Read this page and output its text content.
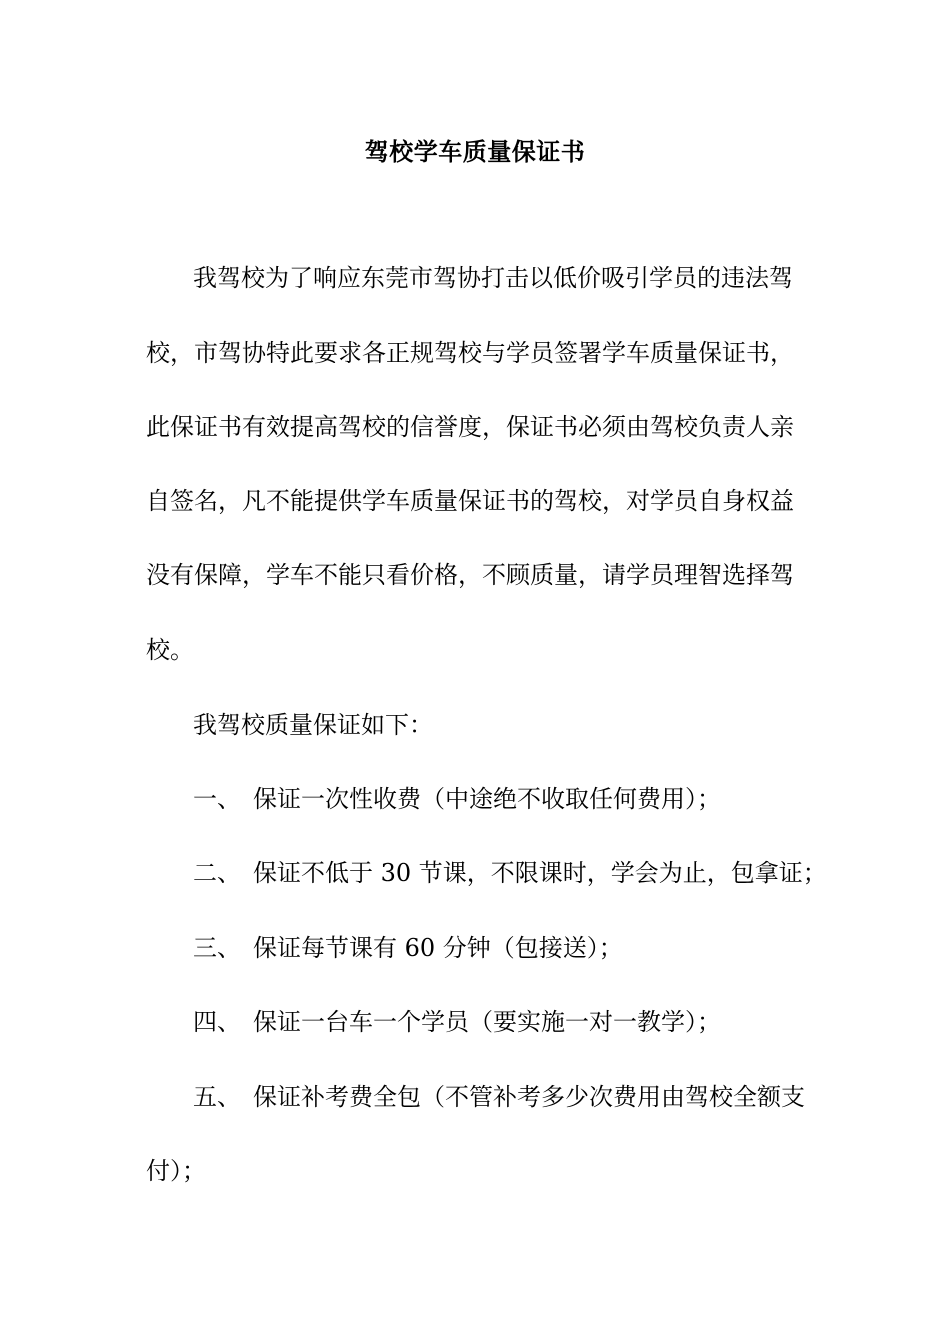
驾校学车质量保证书
我驾校为了响应东莞市驾协打击以低价吸引学员的违法驾
校，市驾协特此要求各正规驾校与学员签署学车质量保证书，
此保证书有效提高驾校的信誉度，保证书必须由驾校负责人亲
自签名，凡不能提供学车质量保证书的驾校，对学员自身权益
没有保障，学车不能只看价格，不顾质量，请学员理智选择驾
校。
我驾校质量保证如下：
一、 保证一次性收费（中途绝不收取任何费用）；
二、 保证不低于 30 节课，不限课时，学会为止，包拿证；
三、 保证每节课有 60 分钟（包接送）；
四、 保证一台车一个学员（要实施一对一教学）；
五、 保证补考费全包（不管补考多少次费用由驾校全额支
付）；
